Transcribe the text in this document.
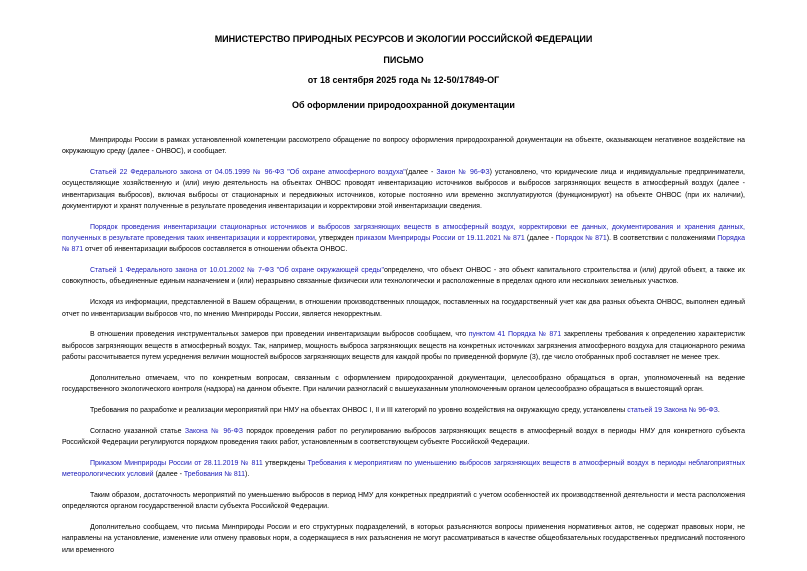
МИНИСТЕРСТВО ПРИРОДНЫХ РЕСУРСОВ И ЭКОЛОГИИ РОССИЙСКОЙ ФЕДЕРАЦИИ
ПИСЬМО
от 18 сентября 2025 года № 12-50/17849-ОГ
Об оформлении природоохранной документации

Минприроды России в рамках установленной компетенции рассмотрело обращение по вопросу оформления природоохранной документации на объекте, оказывающем негативное воздействие на окружающую среду (далее - ОНВОС), и сообщает.

Статьей 22 Федерального закона от 04.05.1999 № 96-ФЗ "Об охране атмосферного воздуха"(далее - Закон № 96-ФЗ) установлено, что юридические лица и индивидуальные предприниматели, осуществляющие хозяйственную и (или) иную деятельность на объектах ОНВОС проводят инвентаризацию источников выбросов и выбросов загрязняющих веществ в атмосферный воздух (далее - инвентаризация выбросов), включая выбросы от стационарных и передвижных источников, которые постоянно или временно эксплуатируются (функционируют) на объекте ОНВОС (при их наличии), документируют и хранят полученные в результате проведения инвентаризации и корректировки этой инвентаризации сведения.

Порядок проведения инвентаризации стационарных источников и выбросов загрязняющих веществ в атмосферный воздух, корректировки ее данных, документирования и хранения данных, полученных в результате проведения таких инвентаризации и корректировки, утвержден приказом Минприроды России от 19.11.2021 № 871 (далее - Порядок № 871). В соответствии с положениями Порядка № 871 отчет об инвентаризации выбросов составляется в отношении объекта ОНВОС.

Статьей 1 Федерального закона от 10.01.2002 № 7-ФЗ "Об охране окружающей среды"определено, что объект ОНВОС - это объект капитального строительства и (или) другой объект, а также их совокупность, объединенные единым назначением и (или) неразрывно связанные физически или технологически и расположенные в пределах одного или нескольких земельных участков.

Исходя из информации, представленной в Вашем обращении, в отношении производственных площадок, поставленных на государственный учет как два разных объекта ОНВОС, выполнен единый отчет по инвентаризации выбросов что, по мнению Минприроды России, является некорректным.

В отношении проведения инструментальных замеров при проведении инвентаризации выбросов сообщаем, что пунктом 41 Порядка № 871 закреплены требования к определению характеристик выбросов загрязняющих веществ в атмосферный воздух. Так, например, мощность выброса загрязняющих веществ на конкретных источниках загрязнения атмосферного воздуха для стационарного режима работы рассчитывается путем усреднения величин мощностей выбросов загрязняющих веществ для каждой пробы по приведенной формуле (3), где число отобранных проб составляет не менее трех.

Дополнительно отмечаем, что по конкретным вопросам, связанным с оформлением природоохранной документации, целесообразно обращаться в орган, уполномоченный на ведение государственного экологического контроля (надзора) на данном объекте. При наличии разногласий с вышеуказанным уполномоченным органом целесообразно обращаться в вышестоящий орган.

Требования по разработке и реализации мероприятий при НМУ на объектах ОНВОС I, II и III категорий по уровню воздействия на окружающую среду, установлены статьей 19 Закона № 96-ФЗ.

Согласно указанной статье Закона № 96-ФЗ порядок проведения работ по регулированию выбросов загрязняющих веществ в атмосферный воздух в периоды НМУ для конкретного субъекта Российской Федерации регулируются порядком проведения таких работ, установленным в соответствующем субъекте Российской Федерации.

Приказом Минприроды России от 28.11.2019 № 811 утверждены Требования к мероприятиям по уменьшению выбросов загрязняющих веществ в атмосферный воздух в периоды неблагоприятных метеорологических условий (далее - Требования № 811).

Таким образом, достаточность мероприятий по уменьшению выбросов в период НМУ для конкретных предприятий с учетом особенностей их производственной деятельности и места расположения определяются органом государственной власти субъекта Российской Федерации.

Дополнительно сообщаем, что письма Минприроды России и его структурных подразделений, в которых разъясняются вопросы применения нормативных актов, не содержат правовых норм, не направлены на установление, изменение или отмену правовых норм, а содержащиеся в них разъяснения не могут рассматриваться в качестве общеобязательных государственных предписаний постоянного или временного
